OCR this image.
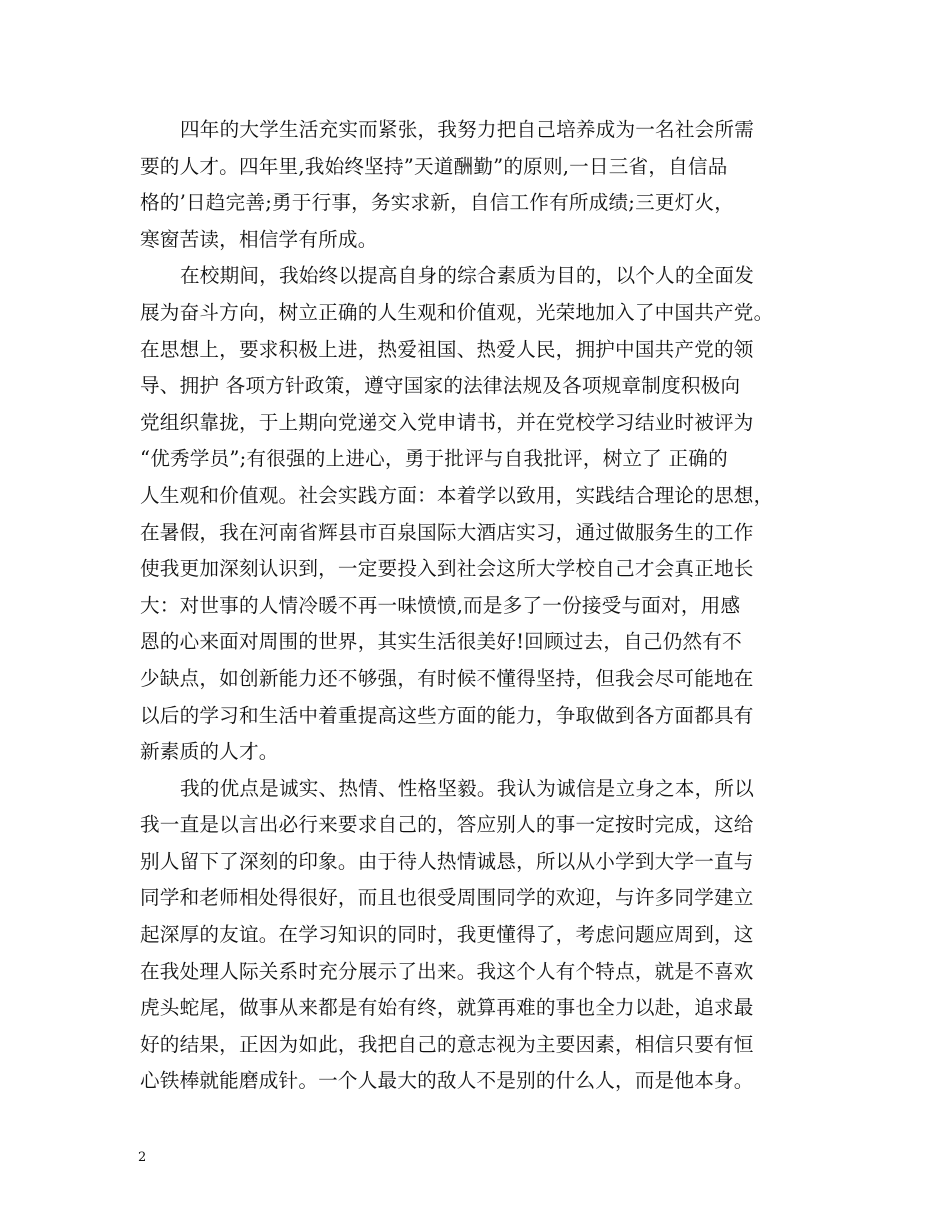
四年的大学生活充实而紧张，我努力把自己培养成为一名社会所需
要的人才。四年里,我始终坚持”天道酬勤”的原则,一日三省，自信品
格的’日趋完善;勇于行事，务实求新，自信工作有所成绩;三更灯火，
寒窗苦读，相信学有所成。
在校期间，我始终以提高自身的综合素质为目的，以个人的全面发
展为奋斗方向，树立正确的人生观和价值观，光荣地加入了中国共产党。
在思想上，要求积极上进，热爱祖国、热爱人民，拥护中国共产党的领
导、拥护 各项方针政策，遵守国家的法律法规及各项规章制度积极向
党组织靠拢，于上期向党递交入党申请书，并在党校学习结业时被评为
“优秀学员”;有很强的上进心，勇于批评与自我批评，树立了 正确的
人生观和价值观。社会实践方面：本着学以致用，实践结合理论的思想，
在暑假，我在河南省辉县市百泉国际大酒店实习，通过做服务生的工作
使我更加深刻认识到，一定要投入到社会这所大学校自己才会真正地长
大：对世事的人情冷暖不再一味愤愤,而是多了一份接受与面对，用感
恩的心来面对周围的世界，其实生活很美好!回顾过去，自己仍然有不
少缺点，如创新能力还不够强，有时候不懂得坚持，但我会尽可能地在
以后的学习和生活中着重提高这些方面的能力，争取做到各方面都具有
新素质的人才。
我的优点是诚实、热情、性格坚毅。我认为诚信是立身之本，所以
我一直是以言出必行来要求自己的，答应别人的事一定按时完成，这给
别人留下了深刻的印象。由于待人热情诚恳，所以从小学到大学一直与
同学和老师相处得很好，而且也很受周围同学的欢迎，与许多同学建立
起深厚的友谊。在学习知识的同时，我更懂得了，考虑问题应周到，这
在我处理人际关系时充分展示了出来。我这个人有个特点，就是不喜欢
虎头蛇尾，做事从来都是有始有终，就算再难的事也全力以赴，追求最
好的结果，正因为如此，我把自己的意志视为主要因素，相信只要有恒
心铁棒就能磨成针。一个人最大的敌人不是别的什么人，而是他本身。
2
